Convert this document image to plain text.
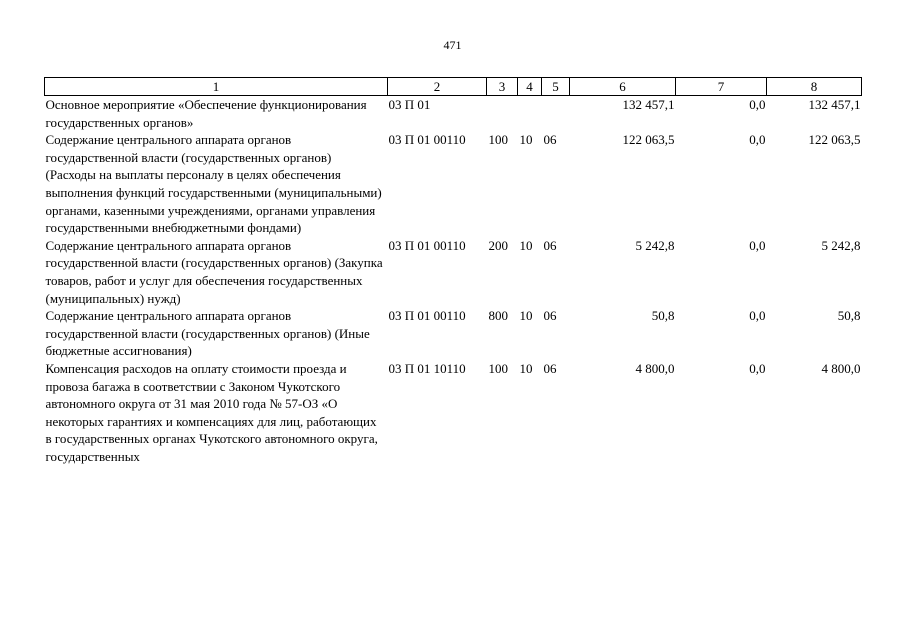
471
1	2	3	4	5	6	7	8
Основное мероприятие «Обеспечение функционирования государственных органов»	03 П 01				132 457,1	0,0	132 457,1
Содержание центрального аппарата органов государственной власти (государственных органов) (Расходы на выплаты персоналу в целях обеспечения выполнения функций государственными (муниципальными) органами, казенными учреждениями, органами управления государственными внебюджетными фондами)	03 П 01 00110	100	10	06	122 063,5	0,0	122 063,5
Содержание центрального аппарата органов государственной власти (государственных органов) (Закупка товаров, работ и услуг для обеспечения государственных (муниципальных) нужд)	03 П 01 00110	200	10	06	5 242,8	0,0	5 242,8
Содержание центрального аппарата органов государственной власти (государственных органов) (Иные бюджетные ассигнования)	03 П 01 00110	800	10	06	50,8	0,0	50,8
Компенсация расходов на оплату стоимости проезда и провоза багажа в соответствии с Законом Чукотского автономного округа от 31 мая 2010 года № 57-ОЗ «О некоторых гарантиях и компенсациях для лиц, работающих в государственных органах Чукотского автономного округа, государственных	03 П 01 10110	100	10	06	4 800,0	0,0	4 800,0
